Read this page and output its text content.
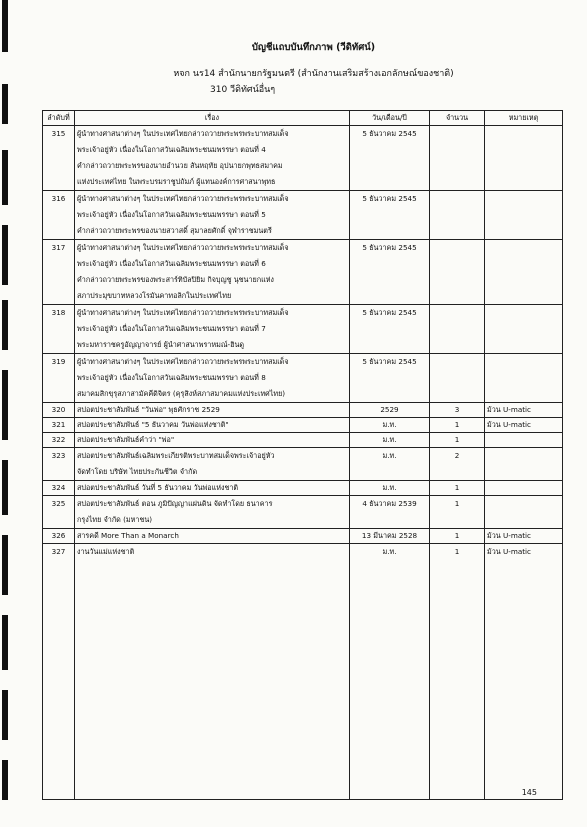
บัญชีแถบบันทึกภาพ (วีดิทัศน์)
หจก นร14 สำนักนายกรัฐมนตรี (สำนักงานเสริมสร้างเอกลักษณ์ของชาติ)
310 วีดิทัศน์อื่นๆ
ลำดับที่	เรื่อง	วัน/เดือน/ปี	จำนวน	หมายเหตุ
315	ผู้นำทางศาสนาต่างๆ ในประเทศไทยกล่าวถวายพระพรพระบาทสมเด็จ
พระเจ้าอยู่หัว เนื่องในโอกาสวันเฉลิมพระชนมพรรษา ตอนที่ 4
คำกล่าวถวายพระพรของนายอำนวย สันหฤทัย อุปนายกพุทธสมาคม
แห่งประเทศไทย ในพระบรมราชูปถัมภ์ ผู้แทนองค์การศาสนาพุทธ	5 ธันวาคม 2545		
316	ผู้นำทางศาสนาต่างๆ ในประเทศไทยกล่าวถวายพระพรพระบาทสมเด็จ
พระเจ้าอยู่หัว เนื่องในโอกาสวันเฉลิมพระชนมพรรษา ตอนที่ 5
คำกล่าวถวายพระพรของนายสวาสดิ์ สุมาลยศักดิ์ จุฬาราชมนตรี	5 ธันวาคม 2545		
317	ผู้นำทางศาสนาต่างๆ ในประเทศไทยกล่าวถวายพระพรพระบาทสมเด็จ
พระเจ้าอยู่หัว เนื่องในโอกาสวันเฉลิมพระชนมพรรษา ตอนที่ 6
คำกล่าวถวายพระพรของพระสาร์ทิบัลปิยิม กิจบุญชู นุชนายกแห่ง
สภาประมุขบาทหลวงโรมันคาทอลิกในประเทศไทย	5 ธันวาคม 2545		
318	ผู้นำทางศาสนาต่างๆ ในประเทศไทยกล่าวถวายพระพรพระบาทสมเด็จ
พระเจ้าอยู่หัว เนื่องในโอกาสวันเฉลิมพระชนมพรรษา ตอนที่ 7
พระมหาราชครูอัญญาจารย์ ผู้นำศาสนาพราหมณ์-ฮินดู	5 ธันวาคม 2545		
319	ผู้นำทางศาสนาต่างๆ ในประเทศไทยกล่าวถวายพระพรพระบาทสมเด็จ
พระเจ้าอยู่หัว เนื่องในโอกาสวันเฉลิมพระชนมพรรษา ตอนที่ 8
สมาคมสิกขุรุสภาสามัคคีดิจิตร (คุรุสิงห์สภาสมาคมแห่งประเทศไทย)	5 ธันวาคม 2545		
320	สปอตประชาสัมพันธ์ "วันพ่อ" พุธศักราช 2529	2529	3	ม้วน U-matic
321	สปอตประชาสัมพันธ์ "5 ธันวาคม วันพ่อแห่งชาติ"	ม.ท.	1	ม้วน U-matic
322	สปอตประชาสัมพันธ์คำว่า "พ่อ"	ม.ท.	1	
323	สปอตประชาสัมพันธ์เฉลิมพระเกียรติพระบาทสมเด็จพระเจ้าอยู่หัว
จัดทำโดย บริษัท ไทยประกันชีวิต จำกัด	ม.ท.	2	
324	สปอตประชาสัมพันธ์ วันที่ 5 ธันวาคม วันพ่อแห่งชาติ	ม.ท.	1	
325	สปอตประชาสัมพันธ์ ตอน ภูมิปัญญาแผ่นดิน จัดทำโดย ธนาคาร
กรุงไทย จำกัด (มหาชน)	4 ธันวาคม 2539	1	
326	สารคดี More Than a Monarch	13 มีนาคม 2528	1	ม้วน U-matic
327	งานวันแม่แห่งชาติ	ม.ท.	1	ม้วน U-matic
145
